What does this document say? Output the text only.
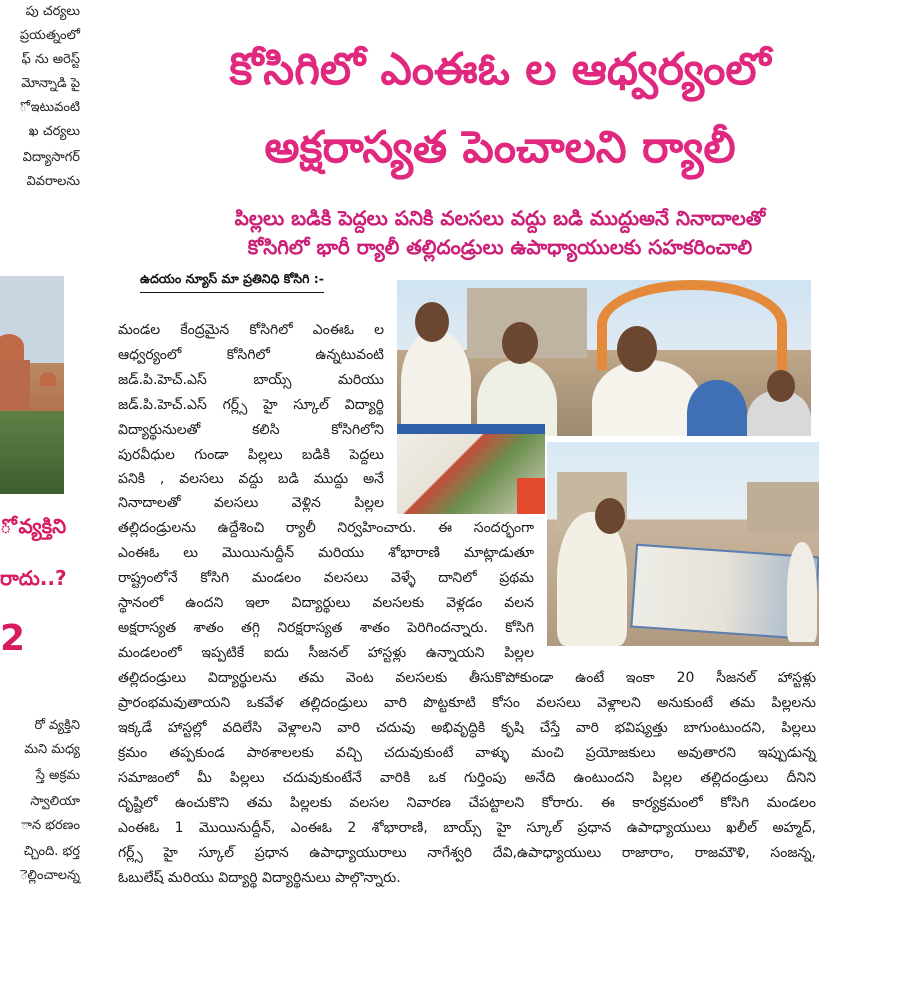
పు చర్యలు
ప్రయత్నంలో
ఫ్ ను అరెస్ట్
మోన్నాడి పై
ో ఇటువంటి
ఖ చర్యలు
విద్యాసాగర్
వివరాలను
ో వ్యక్తిని
రాదు..?
2
రో వ్యక్తిని
మని మధ్య
స్తే అక్రమ
స్వాలియా
ాన భరణం
చ్చింది. భర్త
ెల్లించాలన్న
కోసిగిలో ఎంఈఓ ల ఆధ్వర్యంలో
అక్షరాస్యత పెంచాలని ర్యాలీ
పిల్లలు బడికి పెద్దలు పనికి వలసలు వద్దు బడి ముద్దుఅనే నినాదాలతో
కోసిగిలో భారీ ర్యాలీ తల్లిదండ్రులు ఉపాధ్యాయులకు సహకరించాలి
ఉదయం న్యూస్ మా ప్రతినిధి కోసిగి :-
మండల కేంద్రమైన కోసిగిలో ఎంఈఓ ల
ఆధ్వర్యంలో కోసిగిలో ఉన్నటువంటి
జడ్.పి.హెచ్.ఎస్ బాయ్స్ మరియు
జడ్.పి.హెచ్.ఎస్ గర్ల్స్ హై స్కూల్ విద్యార్థి
విద్యార్థునులతో కలిసి కోసిగిలోని
పురవీధుల గుండా పిల్లలు బడికి పెద్దలు
పనికి , వలసలు వద్దు బడి ముద్దు అనే
నినాదాలతో వలసలు వెళ్లిన పిల్లల
తల్లిదండ్రులను ఉద్దేశించి ర్యాలీ నిర్వహించారు. ఈ సందర్భంగా
ఎంఈఓ లు మొయినుద్దీన్ మరియు శోభారాణి మాట్లాడుతూ
రాష్ట్రంలోనే కోసిగి మండలం వలసలు వెళ్ళే దానిలో ప్రథమ
స్థానంలో ఉందని ఇలా విద్యార్థులు వలసలకు వెళ్లడం వలన
అక్షరాస్యత శాతం తగ్గి నిరక్షరాస్యత శాతం పెరిగిందన్నారు. కోసిగి
మండలంలో ఇప్పటికే ఐదు సీజనల్ హాస్టళ్లు ఉన్నాయని పిల్లల
తల్లిదండ్రులు విద్యార్థులను తమ వెంట వలసలకు తీసుకొపోకుండా ఉంటే ఇంకా 20 సీజనల్ హాస్టళ్లు
ప్రారంభమవుతాయని ఒకవేళ తల్లిదండ్రులు వారి పొట్టకూటి కోసం వలసలు వెళ్లాలని అనుకుంటే తమ పిల్లలను
ఇక్కడే హాస్టల్లో వదిలేసి వెళ్లాలని వారి చదువు అభివృద్ధికి కృషి చేస్తే వారి భవిష్యత్తు బాగుంటుందని, పిల్లలు
క్రమం తప్పకుండ పాఠశాలలకు వచ్చి చదువుకుంటే వాళ్ళు మంచి ప్రయోజకులు అవుతారని ఇప్పుడున్న
సమాజంలో మీ పిల్లలు చదువుకుంటేనే వారికి ఒక గుర్తింపు అనేది ఉంటుందని పిల్లల తల్లిదండ్రులు దీనిని
దృష్టిలో ఉంచుకొని తమ పిల్లలకు వలసల నివారణ చేపట్టాలని కోరారు. ఈ కార్యక్రమంలో కోసిగి మండలం
ఎంఈఓ 1 మొయినుద్దీన్, ఎంఈఓ 2 శోభారాణి, బాయ్స్ హై స్కూల్ ప్రధాన ఉపాధ్యాయులు ఖలీల్ అహ్మద్,
గర్ల్స్ హై స్కూల్ ప్రధాన ఉపాధ్యాయురాలు నాగేశ్వరి దేవి,ఉపాధ్యాయులు రాజారాం, రాజమౌళి, సంజన్న,
ఓబులేష్ మరియు విద్యార్థి విద్యార్థినులు పాల్గొన్నారు.
